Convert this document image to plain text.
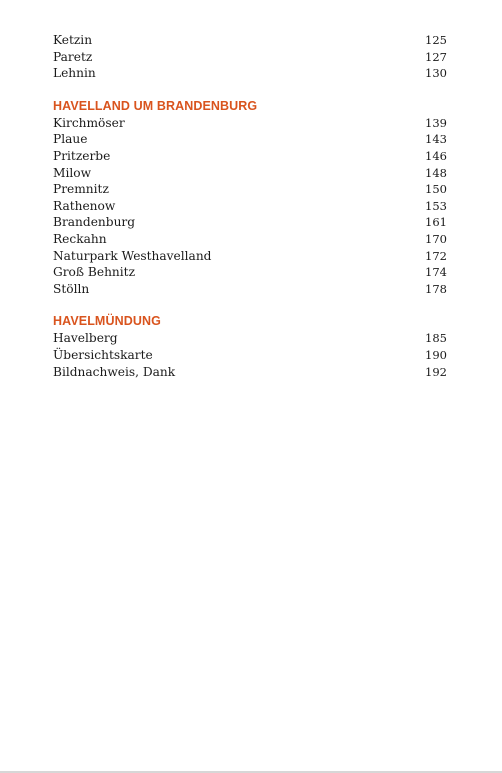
Ketzin	125
Paretz	127
Lehnin	130
HAVELLAND UM BRANDENBURG
Kirchmöser	139
Plaue	143
Pritzerbe	146
Milow	148
Premnitz	150
Rathenow	153
Brandenburg	161
Reckahn	170
Naturpark Westhavelland	172
Groß Behnitz	174
Stölln	178
HAVELMÜNDUNG
Havelberg	185
Übersichtskarte	190
Bildnachweis, Dank	192
